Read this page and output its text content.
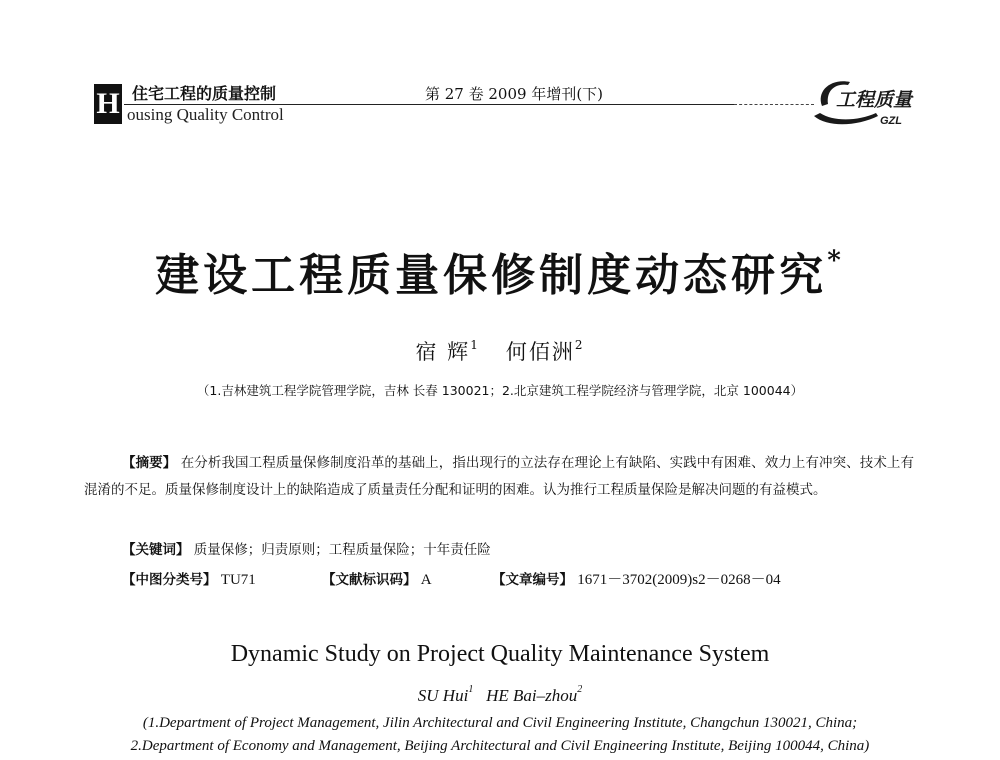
H 住宅工程的质量控制
ousing Quality Control
第 27 卷 2009 年增刊(下)	工程质量
GZL
建设工程质量保修制度动态研究*
宿 辉$^1$ 何佰洲$^2$
（1.吉林建筑工程学院管理学院，吉林 长春 130021；2.北京建筑工程学院经济与管理学院，北京 100044）
【摘要】 在分析我国工程质量保修制度沿革的基础上，指出现行的立法存在理论上有缺陷、实践中有困难、效力上有冲突、技术上有混淆的不足。质量保修制度设计上的缺陷造成了质量责任分配和证明的困难。认为推行工程质量保险是解决问题的有益模式。
【关键词】 质量保修；归责原则；工程质量保险；十年责任险
【中图分类号】 TU71	【文献标识码】 A	【文章编号】 1671－3702(2009)s2－0268－04
Dynamic Study on Project Quality Maintenance System
SU Hui$^1$ HE Bai–zhou$^2$
(1.Department of Project Management, Jilin Architectural and Civil Engineering Institute, Changchun 130021, China;
2.Department of Economy and Management, Beijing Architectural and Civil Engineering Institute, Beijing 100044, China)
